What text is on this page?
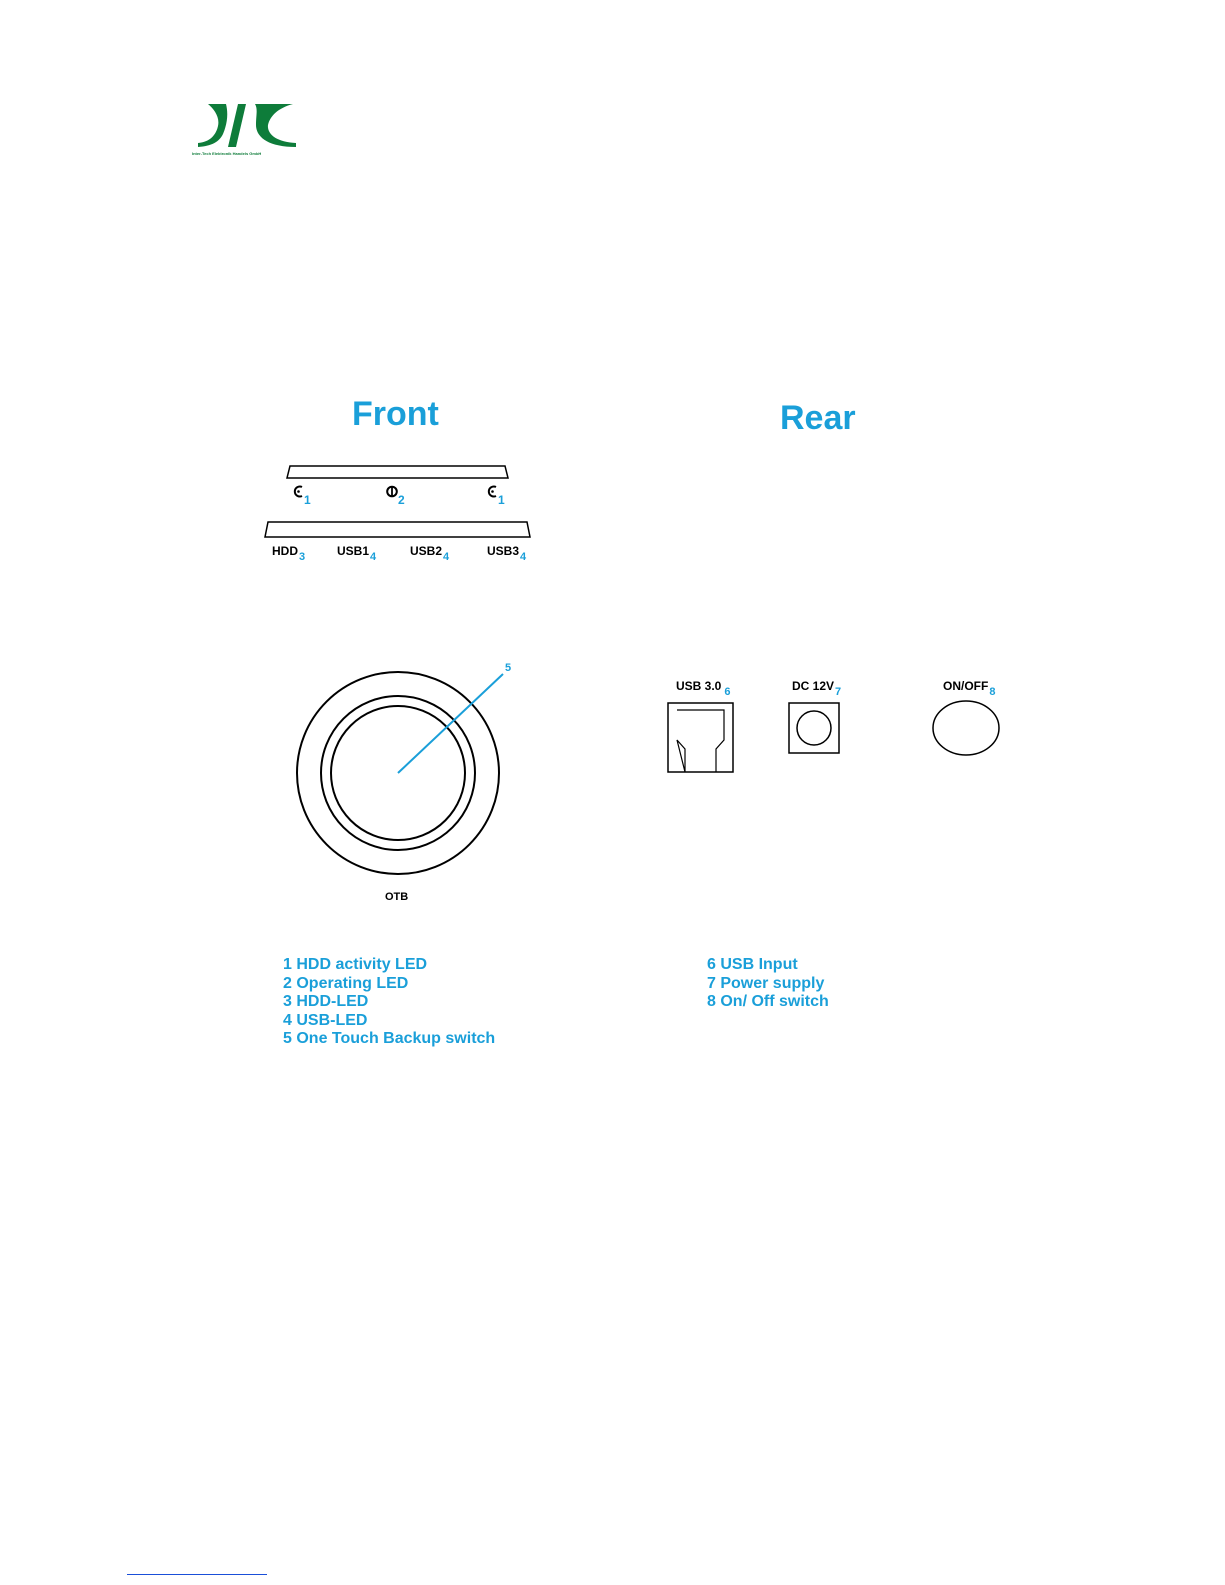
Inter-Tech Elektronik Handels GmbH
Front	Rear
1	2	1
HDD3	USB14	USB24	USB34
5
OTB
USB 3.0 6	DC 12V7	ON/OFF8
1 HDD activity LED
2 Operating LED
3 HDD-LED
4 USB-LED
5 One Touch Backup switch
6 USB Input
7 Power supply
8 On/ Off switch
